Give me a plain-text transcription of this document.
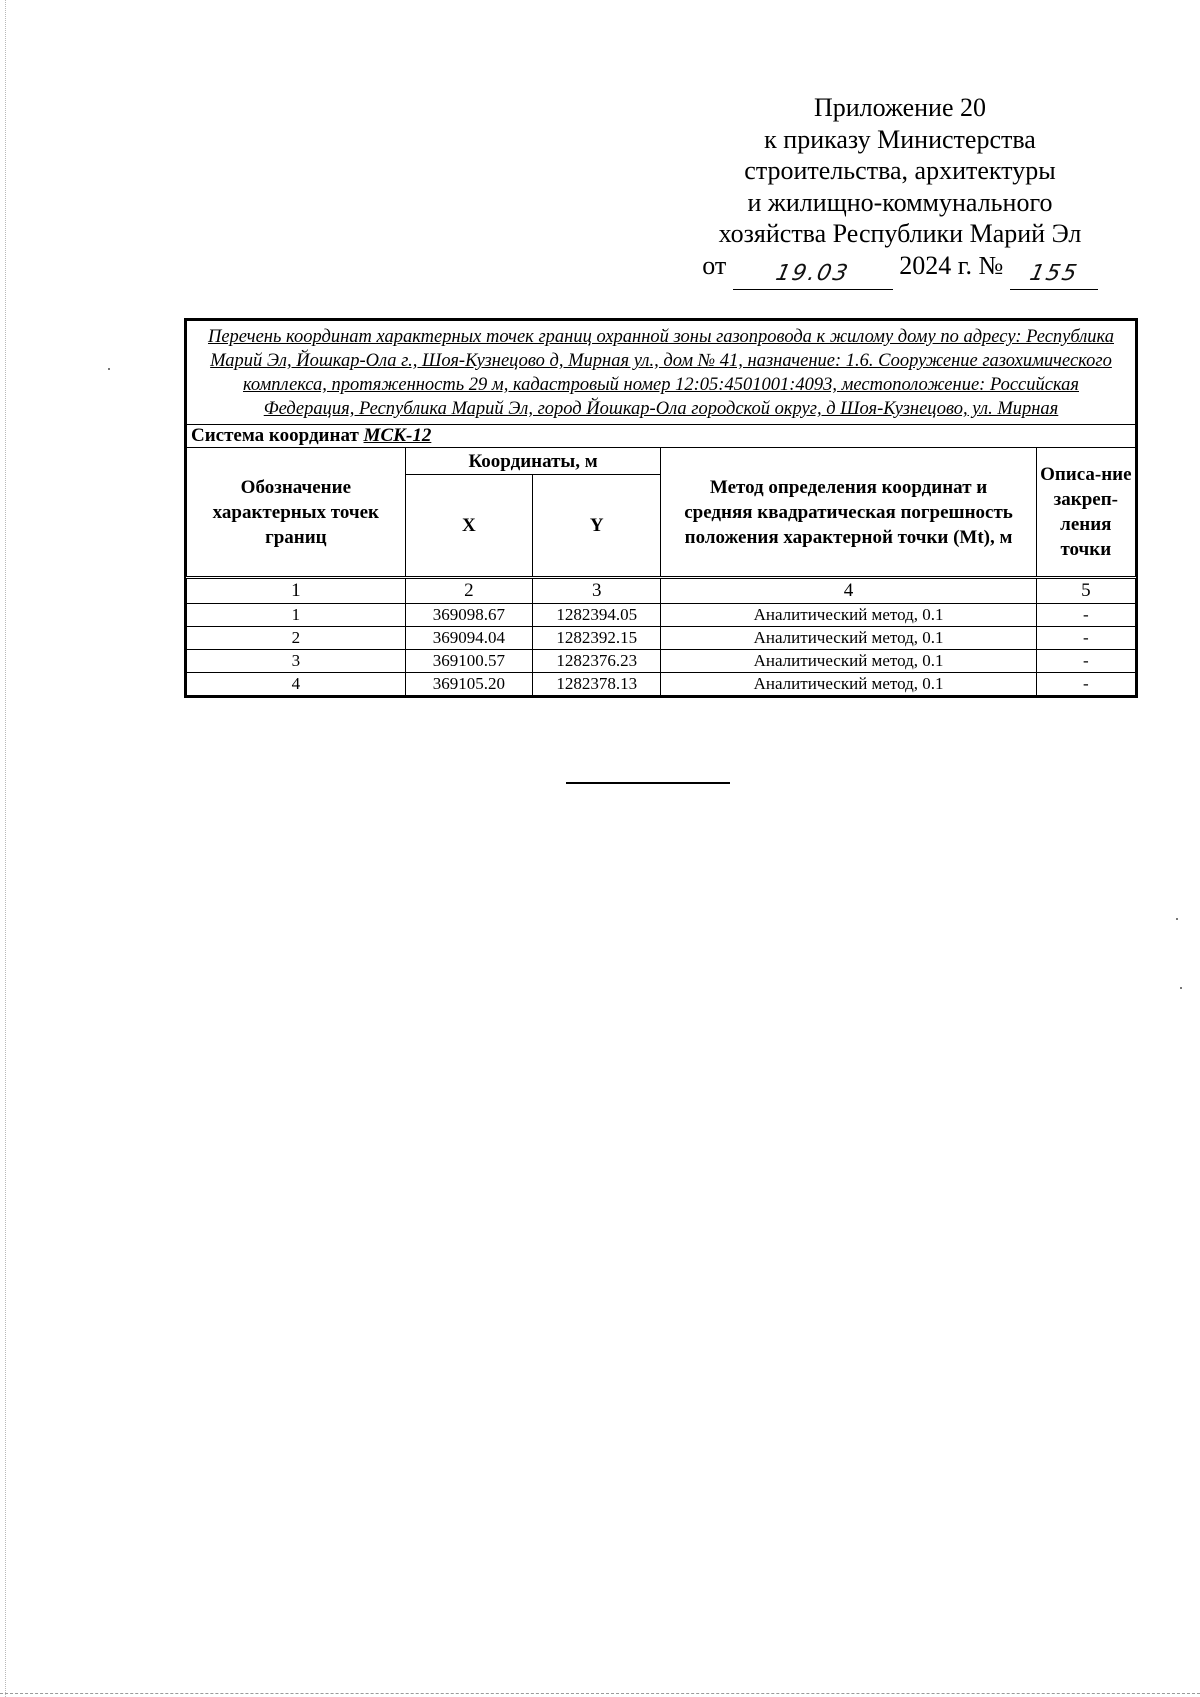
Приложение 20
к приказу Министерства
строительства, архитектуры
и жилищно-коммунального
хозяйства Республики Марий Эл
от 19.03 2024 г. № 155
Перечень координат характерных точек границ охранной зоны газопровода к жилому дому по адресу: Республика Марий Эл, Йошкар-Ола г., Шоя-Кузнецово д, Мирная ул., дом № 41, назначение: 1.6. Сооружение газохимического комплекса, протяженность 29 м, кадастровый номер 12:05:4501001:4093, местоположение: Российская Федерация, Республика Марий Эл, город Йошкар-Ола городской округ, д Шоя-Кузнецово, ул. Мирная				
Система координат МСК-12				
Обозначение характерных точек границ	Координаты, м		Метод определения координат и средняя квадратическая погрешность положения характерной точки (Mt), м	Описа-ние закреп-ления точки
	X	Y		
1	2	3	4	5
1	369098.67	1282394.05	Аналитический метод, 0.1	-
2	369094.04	1282392.15	Аналитический метод, 0.1	-
3	369100.57	1282376.23	Аналитический метод, 0.1	-
4	369105.20	1282378.13	Аналитический метод, 0.1	-
